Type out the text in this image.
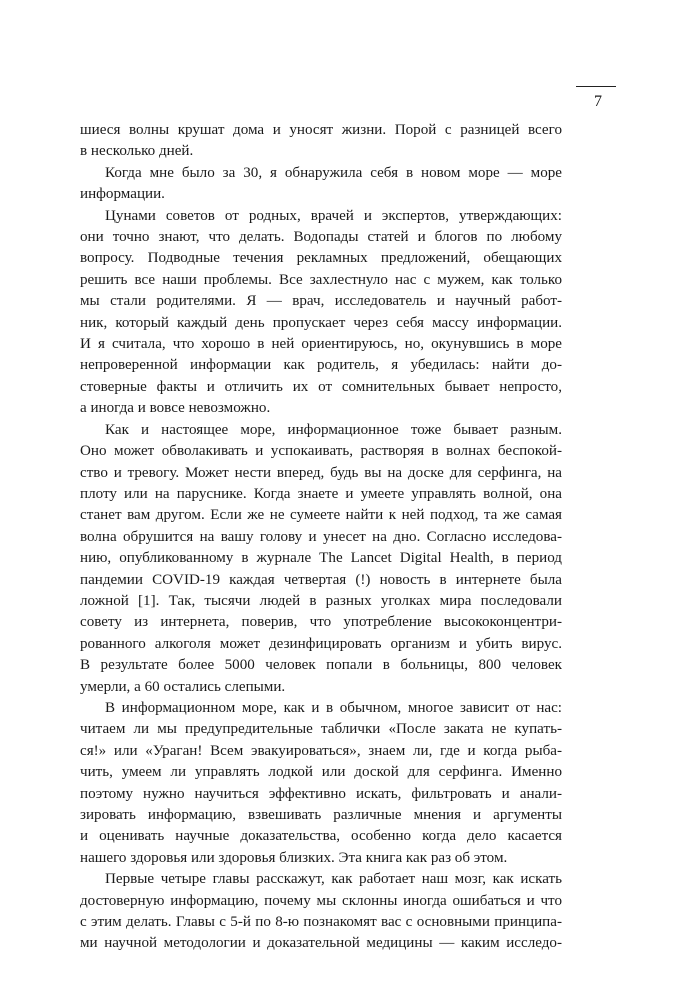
7

шиеся волны крушат дома и уносят жизни. Порой с разницей всего
в несколько дней.

Когда мне было за 30, я обнаружила себя в новом море — море
информации.

Цунами советов от родных, врачей и экспертов, утверждающих:
они точно знают, что делать. Водопады статей и блогов по любому
вопросу. Подводные течения рекламных предложений, обещающих
решить все наши проблемы. Все захлестнуло нас с мужем, как только
мы стали родителями. Я — врач, исследователь и научный работ-
ник, который каждый день пропускает через себя массу информации.
И я считала, что хорошо в ней ориентируюсь, но, окунувшись в море
непроверенной информации как родитель, я убедилась: найти до-
стоверные факты и отличить их от сомнительных бывает непросто,
а иногда и вовсе невозможно.

Как и настоящее море, информационное тоже бывает разным.
Оно может обволакивать и успокаивать, растворяя в волнах беспокой-
ство и тревогу. Может нести вперед, будь вы на доске для серфинга, на
плоту или на паруснике. Когда знаете и умеете управлять волной, она
станет вам другом. Если же не сумеете найти к ней подход, та же самая
волна обрушится на вашу голову и унесет на дно. Согласно исследова-
нию, опубликованному в журнале The Lancet Digital Health, в период
пандемии COVID-19 каждая четвертая (!) новость в интернете была
ложной [1]. Так, тысячи людей в разных уголках мира последовали
совету из интернета, поверив, что употребление высококонцентри-
рованного алкоголя может дезинфицировать организм и убить вирус.
В результате более 5000 человек попали в больницы, 800 человек
умерли, а 60 остались слепыми.

В информационном море, как и в обычном, многое зависит от нас:
читаем ли мы предупредительные таблички «После заката не купать-
ся!» или «Ураган! Всем эвакуироваться», знаем ли, где и когда рыба-
чить, умеем ли управлять лодкой или доской для серфинга. Именно
поэтому нужно научиться эффективно искать, фильтровать и анали-
зировать информацию, взвешивать различные мнения и аргументы
и оценивать научные доказательства, особенно когда дело касается
нашего здоровья или здоровья близких. Эта книга как раз об этом.

Первые четыре главы расскажут, как работает наш мозг, как искать
достоверную информацию, почему мы склонны иногда ошибаться и что
с этим делать. Главы с 5-й по 8-ю познакомят вас с основными принципа-
ми научной методологии и доказательной медицины — каким исследо-
